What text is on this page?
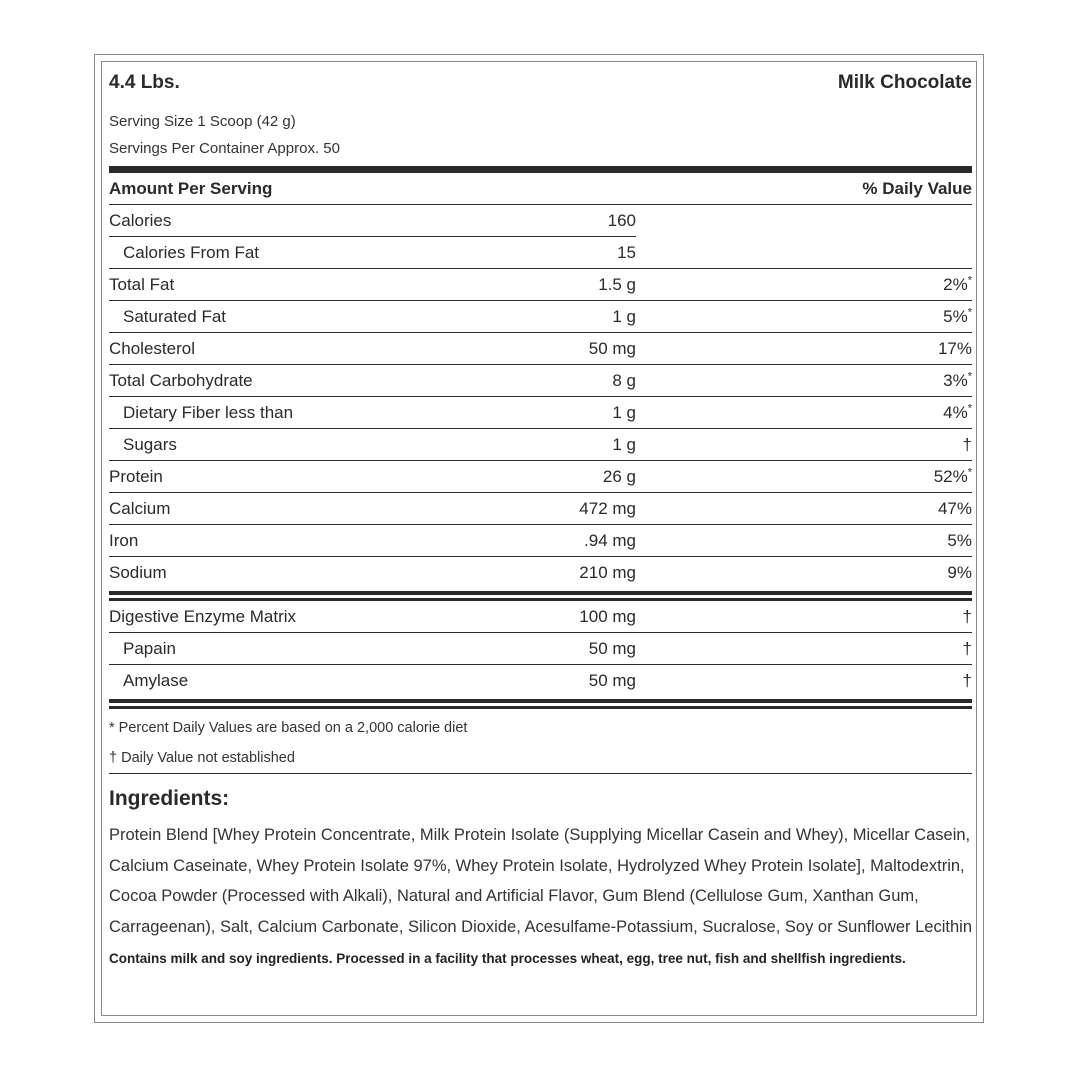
4.4 Lbs.	Milk Chocolate
Serving Size 1 Scoop (42 g)
Servings Per Container Approx. 50
Amount Per Serving	% Daily Value
Calories	160
Calories From Fat	15
Total Fat	1.5 g	2%*
Saturated Fat	1 g	5%*
Cholesterol	50 mg	17%
Total Carbohydrate	8 g	3%*
Dietary Fiber less than	1 g	4%*
Sugars	1 g	†
Protein	26 g	52%*
Calcium	472 mg	47%
Iron	.94 mg	5%
Sodium	210 mg	9%
Digestive Enzyme Matrix	100 mg	†
Papain	50 mg	†
Amylase	50 mg	†
* Percent Daily Values are based on a 2,000 calorie diet
† Daily Value not established
Ingredients:
Protein Blend [Whey Protein Concentrate, Milk Protein Isolate (Supplying Micellar Casein and Whey), Micellar Casein, Calcium Caseinate, Whey Protein Isolate 97%, Whey Protein Isolate, Hydrolyzed Whey Protein Isolate], Maltodextrin, Cocoa Powder (Processed with Alkali), Natural and Artificial Flavor, Gum Blend (Cellulose Gum, Xanthan Gum, Carrageenan), Salt, Calcium Carbonate, Silicon Dioxide, Acesulfame-Potassium, Sucralose, Soy or Sunflower Lecithin
Contains milk and soy ingredients. Processed in a facility that processes wheat, egg, tree nut, fish and shellfish ingredients.
